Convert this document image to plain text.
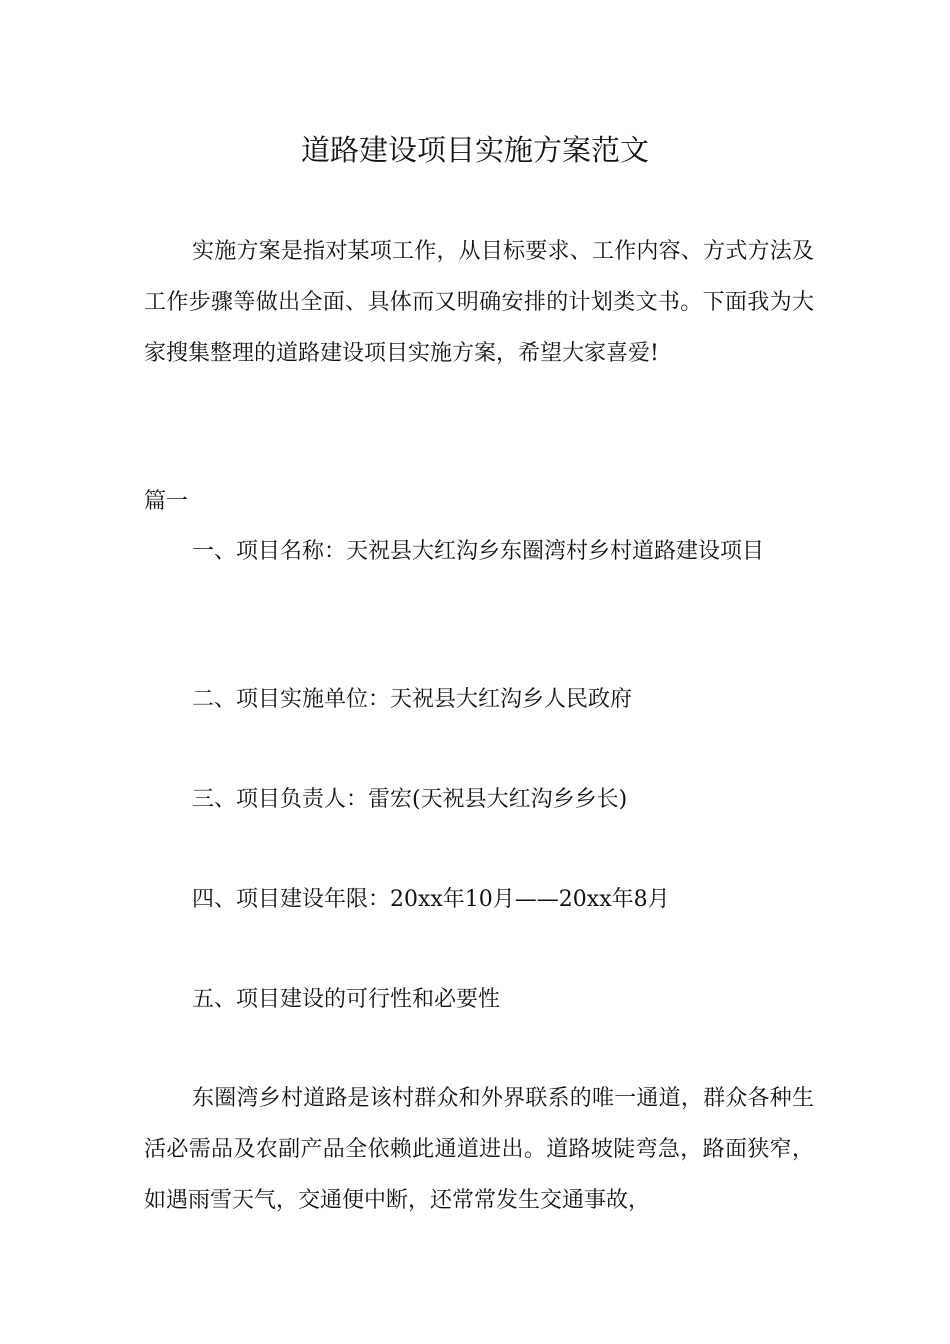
道路建设项目实施方案范文

实施方案是指对某项工作，从目标要求、工作内容、方式方法及工作步骤等做出全面、具体而又明确安排的计划类文书。下面我为大家搜集整理的道路建设项目实施方案，希望大家喜爱!

篇一

一、项目名称：天祝县大红沟乡东圈湾村乡村道路建设项目

二、项目实施单位：天祝县大红沟乡人民政府

三、项目负责人：雷宏(天祝县大红沟乡乡长)

四、项目建设年限：20xx年10月——20xx年8月

五、项目建设的可行性和必要性

东圈湾乡村道路是该村群众和外界联系的唯一通道，群众各种生活必需品及农副产品全依赖此通道进出。道路坡陡弯急，路面狭窄，如遇雨雪天气，交通便中断，还常常发生交通事故，
